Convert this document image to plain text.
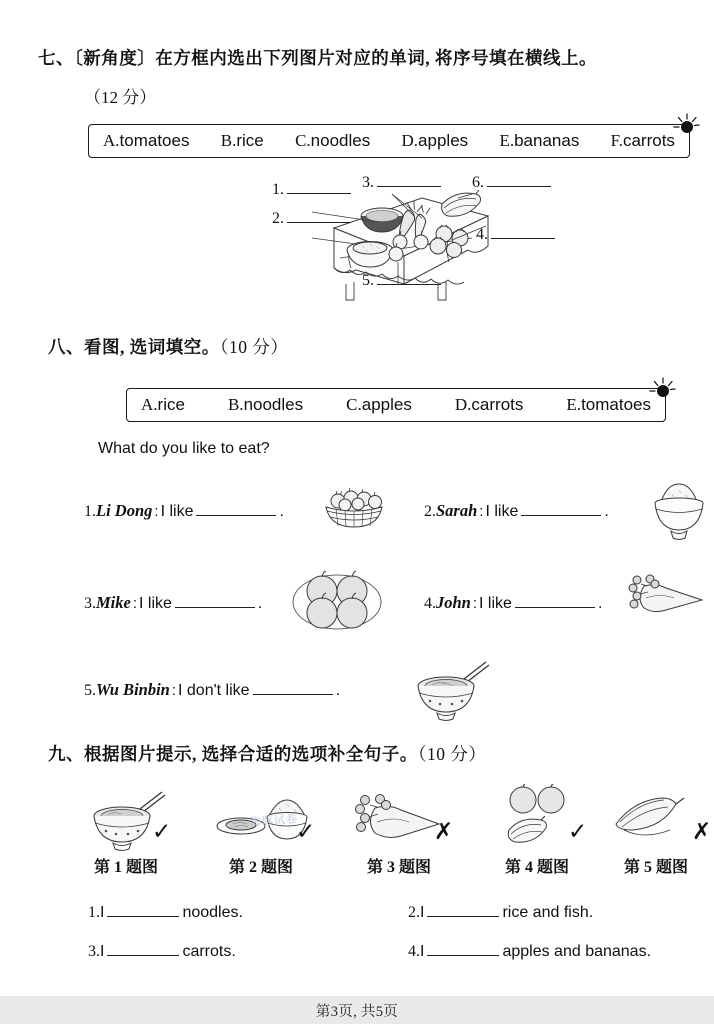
七、〔新角度〕在方框内选出下列图片对应的单词, 将序号填在横线上。
（12 分）
A.tomatoes B.rice C.noodles D.apples E.bananas F.carrots
1.
2.
3.
4.
5.
6.
八、看图, 选词填空。（10 分）
A.rice	B.noodles	C.apples	D.carrots	E.tomatoes
What do you like to eat?
1. Li Dong : I like	.	2. Sarah : I like	.
3. Mike : I like	.	4. John : I like	.
5. Wu Binbin : I don't like	.
九、根据图片提示, 选择合适的选项补全句子。（10 分）
第 1 题图
✓
第 2 题图
海豚试卷
✓
第 3 题图
✗
第 4 题图
✓
第 5 题图
✗
1.I	noodles.	2.I	rice and fish.
3.I	carrots.	4.I	apples and bananas.
第3页, 共5页
